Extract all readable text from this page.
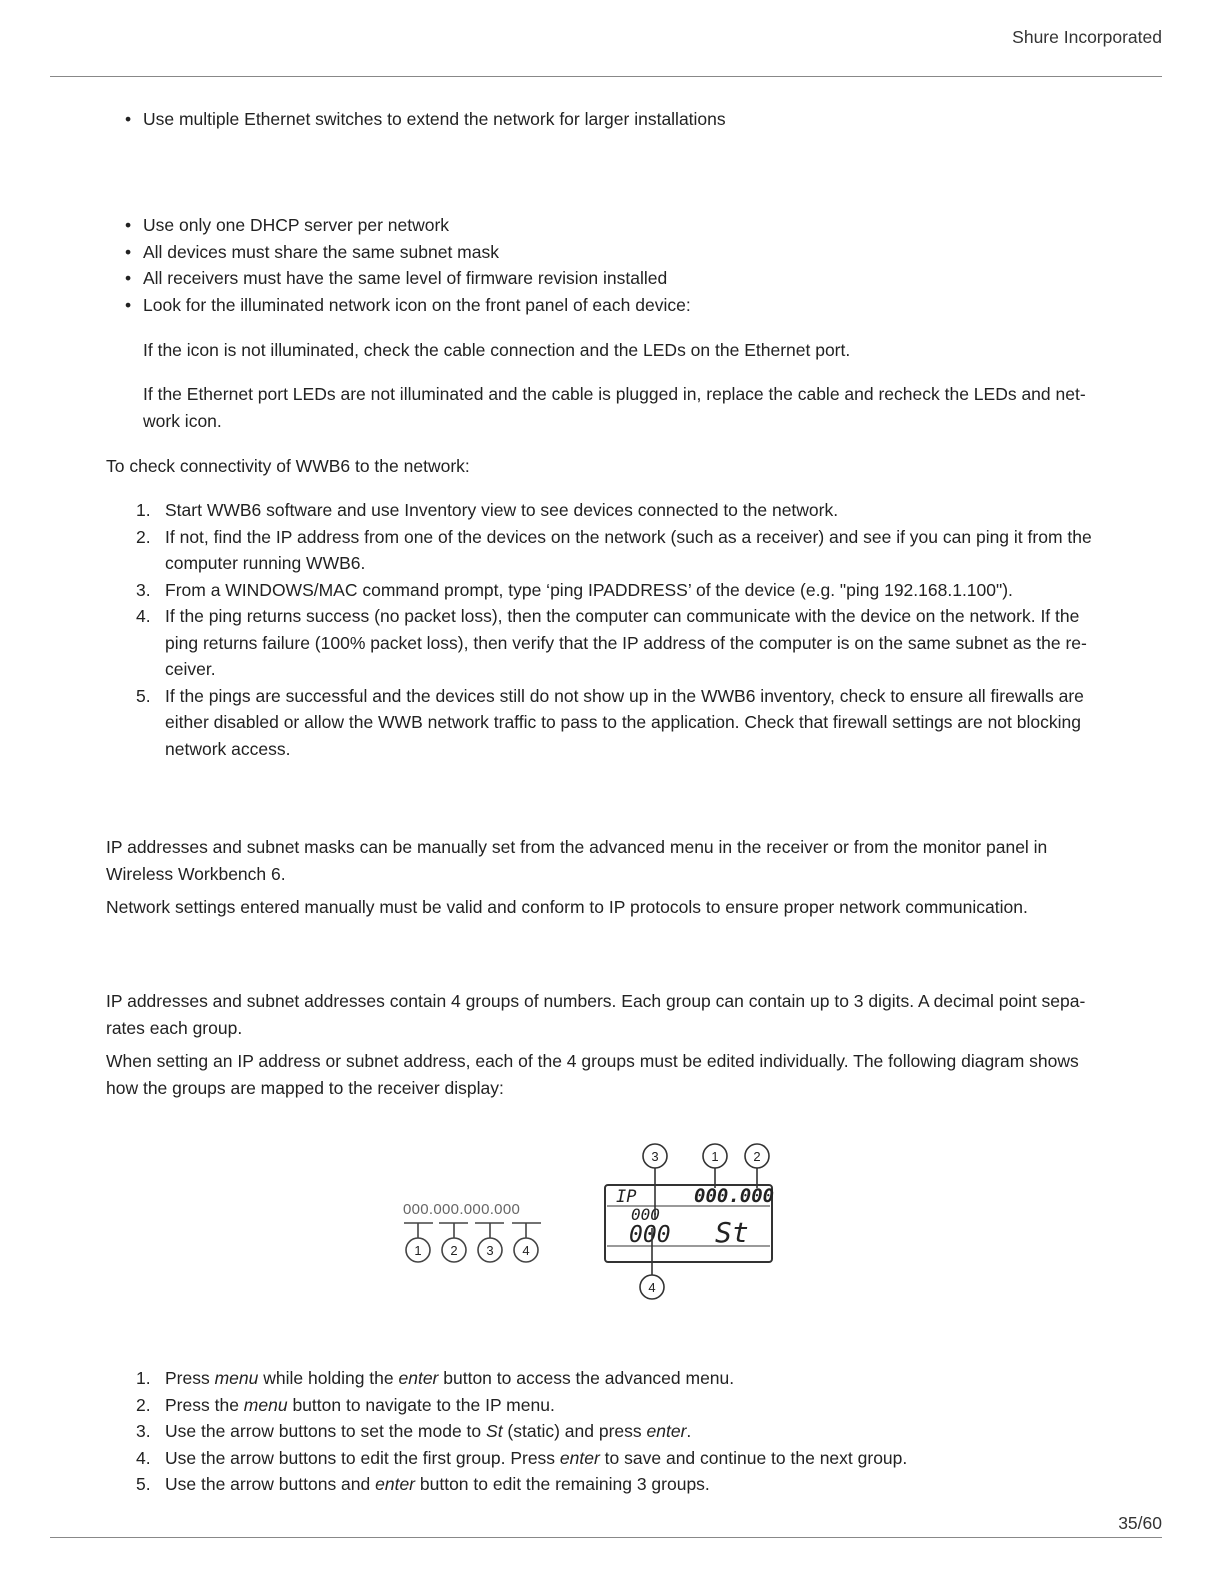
Shure Incorporated
• Use multiple Ethernet switches to extend the network for larger installations
• Use only one DHCP server per network
• All devices must share the same subnet mask
• All receivers must have the same level of firmware revision installed
• Look for the illuminated network icon on the front panel of each device:

If the icon is not illuminated, check the cable connection and the LEDs on the Ethernet port.

If the Ethernet port LEDs are not illuminated and the cable is plugged in, replace the cable and recheck the LEDs and net-work icon.

To check connectivity of WWB6 to the network:

1. Start WWB6 software and use Inventory view to see devices connected to the network.
2. If not, find the IP address from one of the devices on the network (such as a receiver) and see if you can ping it from the computer running WWB6.
3. From a WINDOWS/MAC command prompt, type ‘ping IPADDRESS’ of the device (e.g. "ping 192.168.1.100").
4. If the ping returns success (no packet loss), then the computer can communicate with the device on the network. If the ping returns failure (100% packet loss), then verify that the IP address of the computer is on the same subnet as the re-ceiver.
5. If the pings are successful and the devices still do not show up in the WWB6 inventory, check to ensure all firewalls are either disabled or allow the WWB network traffic to pass to the application. Check that firewall settings are not blocking network access.

IP addresses and subnet masks can be manually set from the advanced menu in the receiver or from the monitor panel in Wireless Workbench 6.

Network settings entered manually must be valid and conform to IP protocols to ensure proper network communication.

IP addresses and subnet addresses contain 4 groups of numbers. Each group can contain up to 3 digits. A decimal point sepa-rates each group.

When setting an IP address or subnet address, each of the 4 groups must be edited individually. The following diagram shows how the groups are mapped to the receiver display:

000.000.000.000
1 2 3 4
IP	000.000
000
000 St
3	1	2
4
1. Press menu while holding the enter button to access the advanced menu.
2. Press the menu button to navigate to the IP menu.
3. Use the arrow buttons to set the mode to St (static) and press enter.
4. Use the arrow buttons to edit the first group. Press enter to save and continue to the next group.
5. Use the arrow buttons and enter button to edit the remaining 3 groups.
35/60
